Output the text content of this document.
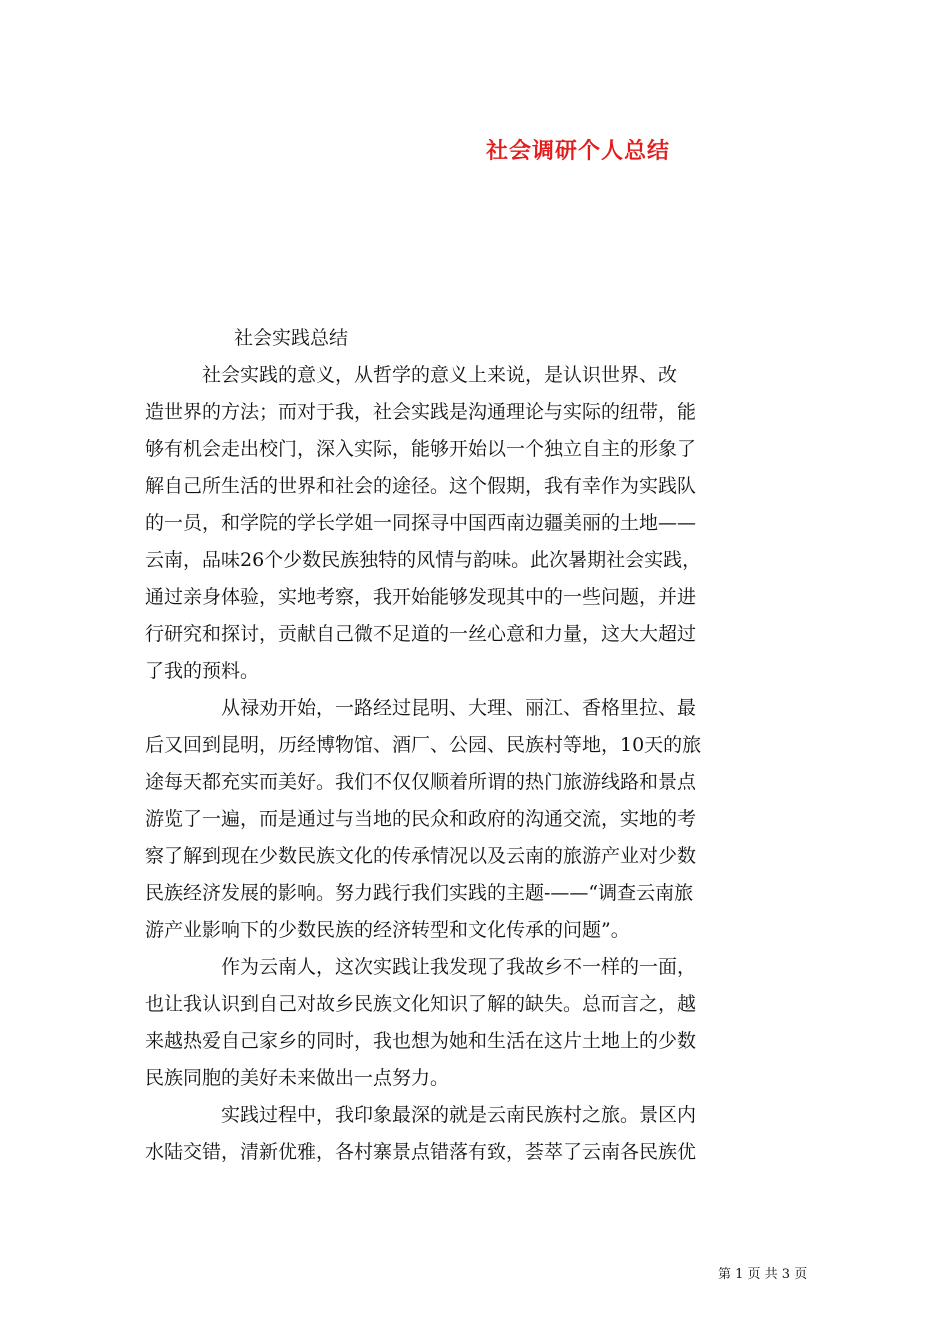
社会调研个人总结

社会实践总结

　　　社会实践的意义，从哲学的意义上来说，是认识世界、改
造世界的方法；而对于我，社会实践是沟通理论与实际的纽带，能
够有机会走出校门，深入实际，能够开始以一个独立自主的形象了
解自己所生活的世界和社会的途径。这个假期，我有幸作为实践队
的一员，和学院的学长学姐一同探寻中国西南边疆美丽的土地——
云南，品味26个少数民族独特的风情与韵味。此次暑期社会实践，
通过亲身体验，实地考察，我开始能够发现其中的一些问题，并进
行研究和探讨，贡献自己微不足道的一丝心意和力量，这大大超过
了我的预料。

　　　　从禄劝开始，一路经过昆明、大理、丽江、香格里拉、最
后又回到昆明，历经博物馆、酒厂、公园、民族村等地，10天的旅
途每天都充实而美好。我们不仅仅顺着所谓的热门旅游线路和景点
游览了一遍，而是通过与当地的民众和政府的沟通交流，实地的考
察了解到现在少数民族文化的传承情况以及云南的旅游产业对少数
民族经济发展的影响。努力践行我们实践的主题-——“调查云南旅
游产业影响下的少数民族的经济转型和文化传承的问题”。

　　　　作为云南人，这次实践让我发现了我故乡不一样的一面，
也让我认识到自己对故乡民族文化知识了解的缺失。总而言之，越
来越热爱自己家乡的同时，我也想为她和生活在这片土地上的少数
民族同胞的美好未来做出一点努力。

　　　　实践过程中，我印象最深的就是云南民族村之旅。景区内
水陆交错，清新优雅，各村寨景点错落有致，荟萃了云南各民族优

第 1 页 共 3 页
